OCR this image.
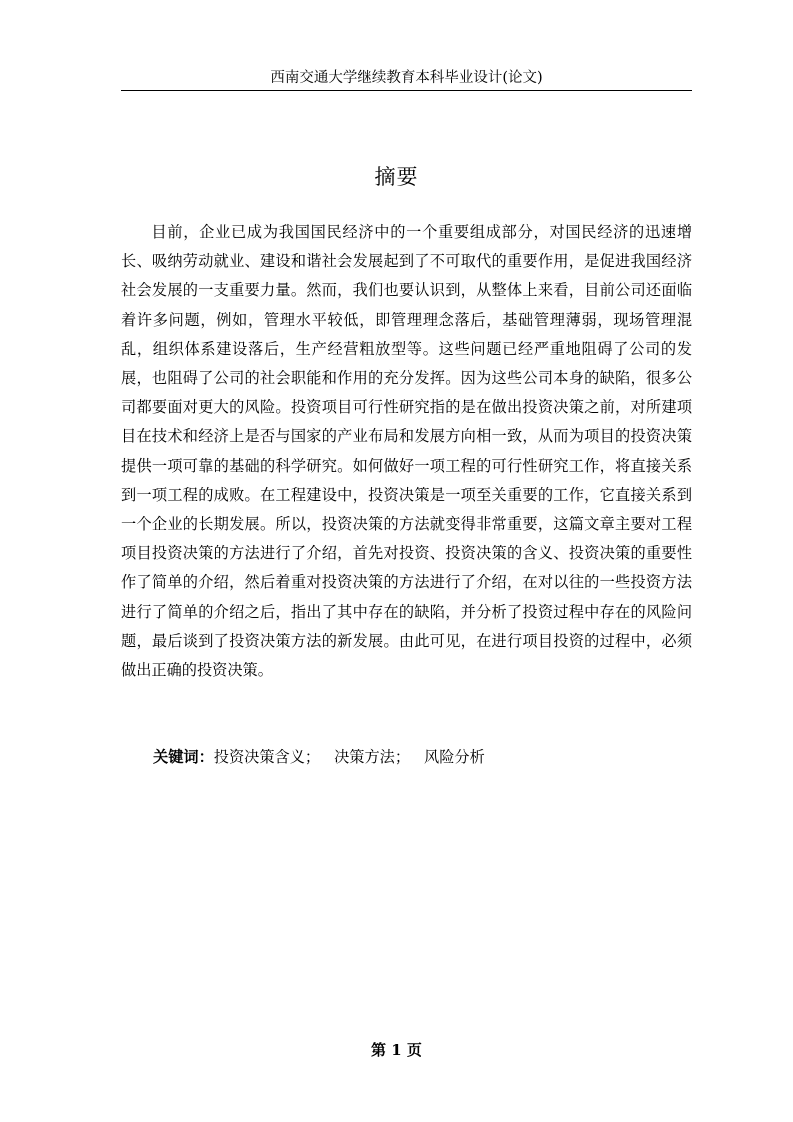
西南交通大学继续教育本科毕业设计(论文)
摘要

目前，企业已成为我国国民经济中的一个重要组成部分，对国民经济的迅速增长、吸纳劳动就业、建设和谐社会发展起到了不可取代的重要作用，是促进我国经济社会发展的一支重要力量。然而，我们也要认识到，从整体上来看，目前公司还面临着许多问题，例如，管理水平较低，即管理理念落后，基础管理薄弱，现场管理混乱，组织体系建设落后，生产经营粗放型等。这些问题已经严重地阻碍了公司的发展，也阻碍了公司的社会职能和作用的充分发挥。因为这些公司本身的缺陷，很多公司都要面对更大的风险。投资项目可行性研究指的是在做出投资决策之前，对所建项目在技术和经济上是否与国家的产业布局和发展方向相一致，从而为项目的投资决策提供一项可靠的基础的科学研究。如何做好一项工程的可行性研究工作，将直接关系到一项工程的成败。在工程建设中，投资决策是一项至关重要的工作，它直接关系到一个企业的长期发展。所以，投资决策的方法就变得非常重要，这篇文章主要对工程项目投资决策的方法进行了介绍，首先对投资、投资决策的含义、投资决策的重要性作了简单的介绍，然后着重对投资决策的方法进行了介绍，在对以往的一些投资方法进行了简单的介绍之后，指出了其中存在的缺陷，并分析了投资过程中存在的风险问题，最后谈到了投资决策方法的新发展。由此可见，在进行项目投资的过程中，必须做出正确的投资决策。

关键词：投资决策含义； 决策方法； 风险分析
第 1 页
